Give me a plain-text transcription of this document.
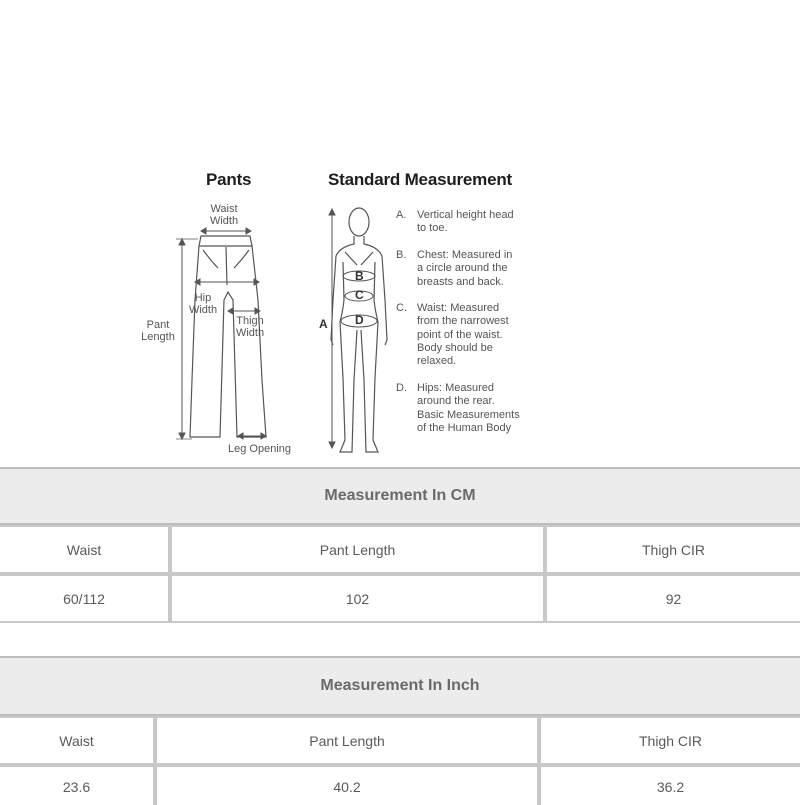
Pants	Standard Measurement
Waist
Width
Hip
Width
Thigh
Width
Pant
Length
Leg Opening
A
B
C
D
A. Vertical height head
to toe.
B. Chest: Measured in
a circle around the
breasts and back.
C. Waist: Measured
from the narrowest
point of the waist.
Body should be
relaxed.
D. Hips: Measured
around the rear.
Basic Measurements
of the Human Body
Measurement In CM
Waist	Pant Length	Thigh CIR
60/112	102	92
Measurement In Inch
Waist	Pant Length	Thigh CIR
23.6	40.2	36.2
